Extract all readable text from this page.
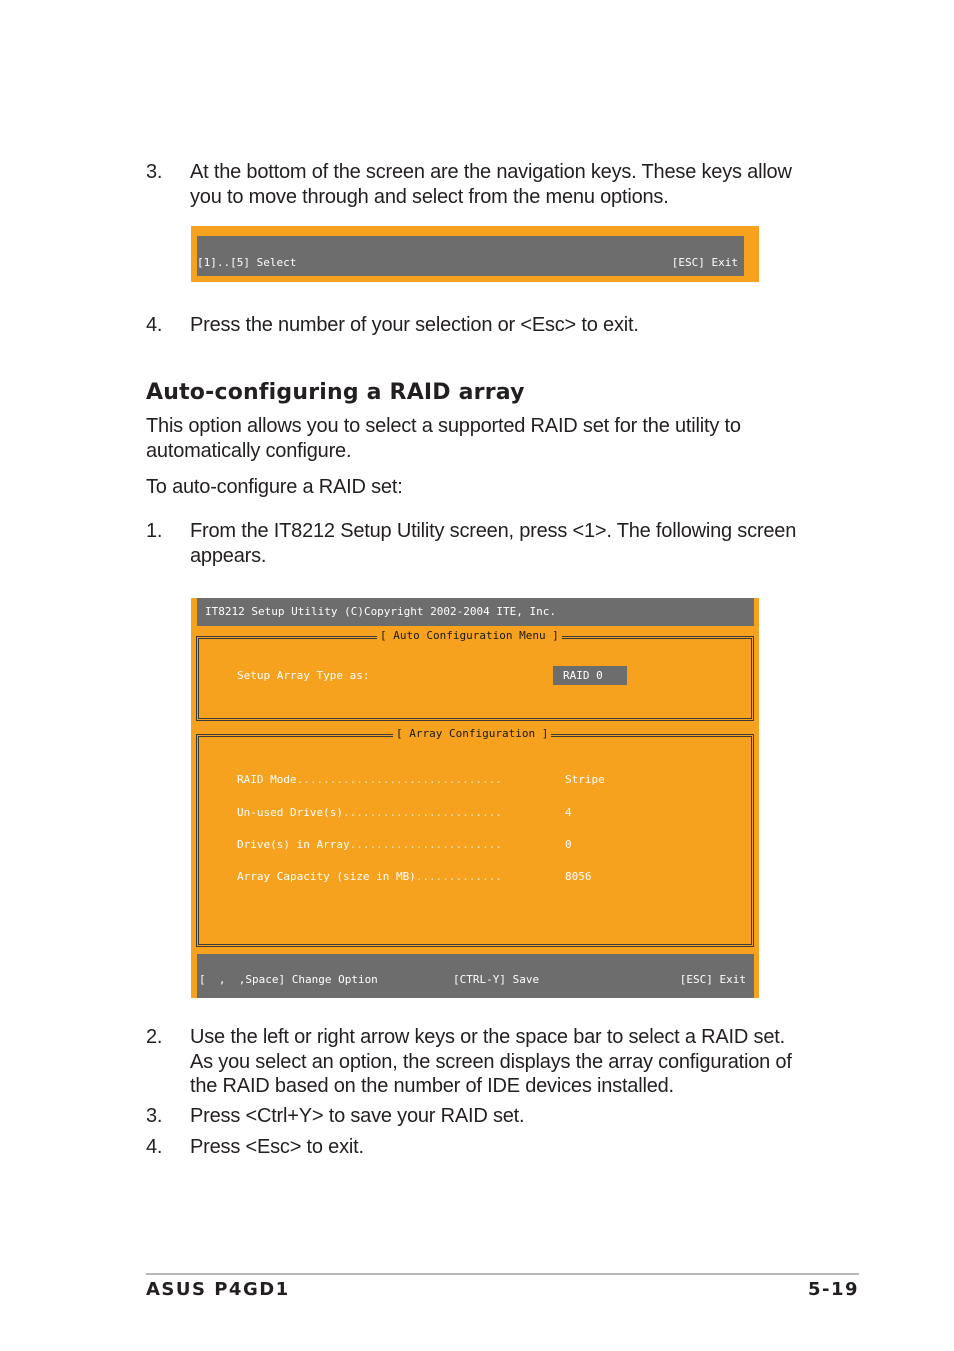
3. At the bottom of the screen are the navigation keys. These keys allow
you to move through and select from the menu options.
[1]..[5] Select	[ESC] Exit
4. Press the number of your selection or <Esc> to exit.
Auto-configuring a RAID array
This option allows you to select a supported RAID set for the utility to
automatically configure.
To auto-configure a RAID set:
1. From the IT8212 Setup Utility screen, press <1>. The following screen
appears.
IT8212 Setup Utility (C)Copyright 2002-2004 ITE, Inc.
[ Auto Configuration Menu ]
Setup Array Type as:	RAID 0
[ Array Configuration ]
RAID Mode...............................	Stripe
Un-used Drive(s)........................	4
Drive(s) in Array.......................	0
Array Capacity (size in MB).............	8056
[  ,  ,Space] Change Option	[CTRL-Y] Save	[ESC] Exit
2. Use the left or right arrow keys or the space bar to select a RAID set.
As you select an option, the screen displays the array configuration of
the RAID based on the number of IDE devices installed.
3. Press <Ctrl+Y> to save your RAID set.
4. Press <Esc> to exit.
ASUS P4GD1	5-19
